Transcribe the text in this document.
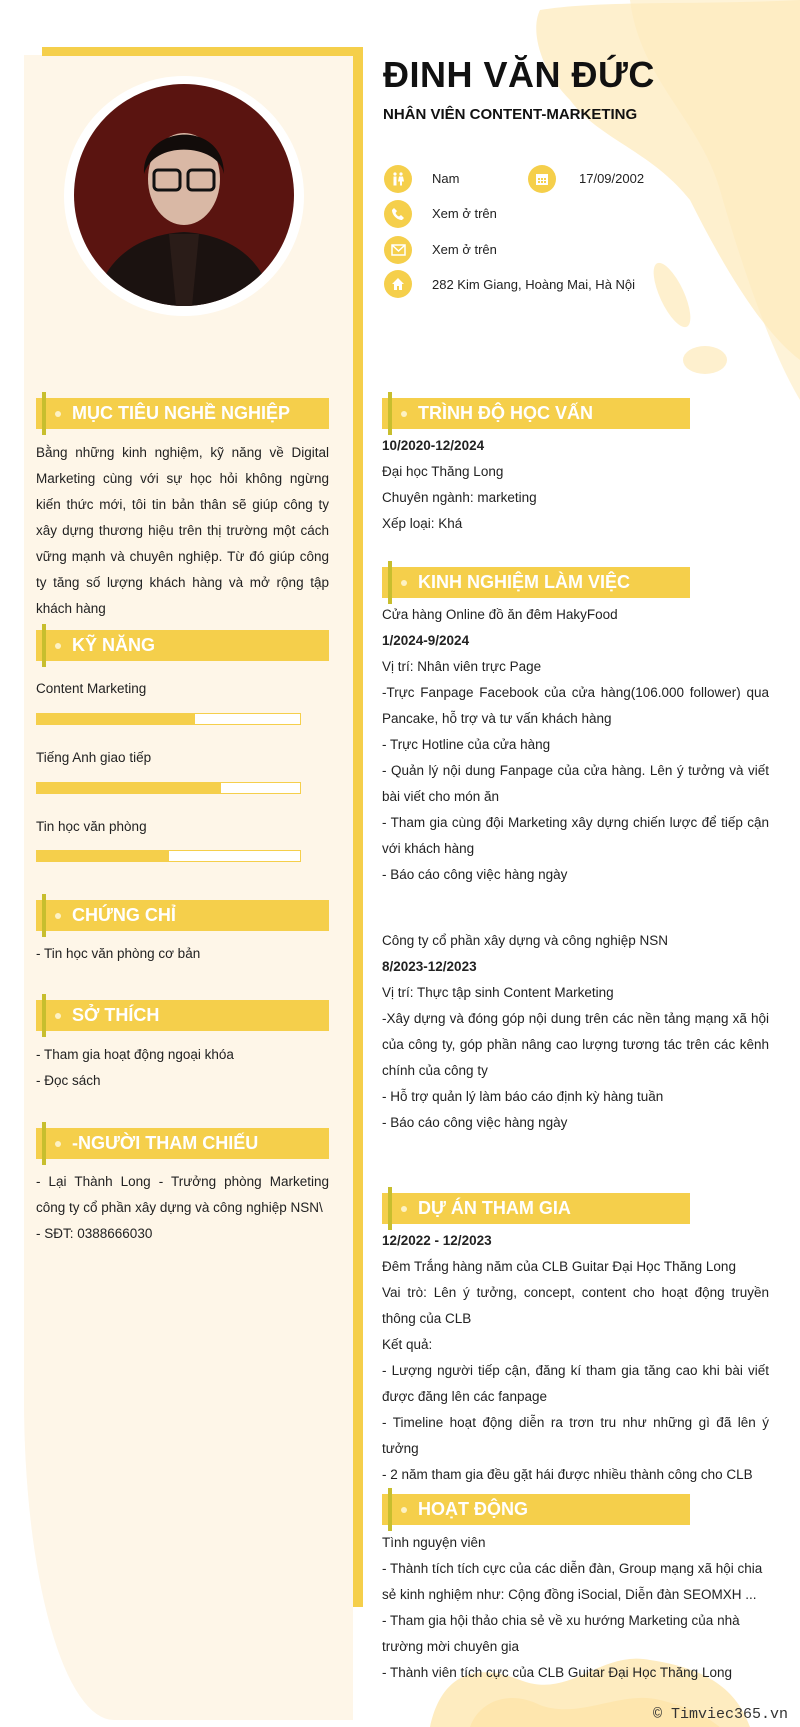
ĐINH VĂN ĐỨC
NHÂN VIÊN CONTENT-MARKETING
Nam	17/09/2002
Xem ở trên
Xem ở trên
282 Kim Giang, Hoàng Mai, Hà Nội
MỤC TIÊU NGHỀ NGHIỆP
Bằng những kinh nghiệm, kỹ năng về Digital Marketing cùng với sự học hỏi không ngừng kiến thức mới, tôi tin bản thân sẽ giúp công ty xây dựng thương hiệu trên thị trường một cách vững mạnh và chuyên nghiệp. Từ đó giúp công ty tăng số lượng khách hàng và mở rộng tập khách hàng
KỸ NĂNG
Content Marketing
Tiếng Anh giao tiếp
Tin học văn phòng
CHỨNG CHỈ
- Tin học văn phòng cơ bản
SỞ THÍCH
- Tham gia hoạt động ngoại khóa
- Đọc sách
-NGƯỜI THAM CHIẾU
- Lại Thành Long - Trưởng phòng Marketing công ty cổ phần xây dựng và công nghiệp NSN\
- SĐT: 0388666030
TRÌNH ĐỘ HỌC VẤN
10/2020-12/2024
Đại học Thăng Long
Chuyên ngành: marketing
Xếp loại: Khá
KINH NGHIỆM LÀM VIỆC
Cửa hàng Online đồ ăn đêm HakyFood
1/2024-9/2024
Vị trí: Nhân viên trực Page
-Trực Fanpage Facebook của cửa hàng(106.000 follower) qua Pancake, hỗ trợ và tư vấn khách hàng
- Trực Hotline của cửa hàng
- Quản lý nội dung Fanpage của cửa hàng. Lên ý tưởng và viết bài viết cho món ăn
- Tham gia cùng đội Marketing xây dựng chiến lược để tiếp cận với khách hàng
- Báo cáo công việc hàng ngày
Công ty cổ phần xây dựng và công nghiệp NSN
8/2023-12/2023
Vị trí: Thực tập sinh Content Marketing
-Xây dựng và đóng góp nội dung trên các nền tảng mạng xã hội của công ty, góp phần nâng cao lượng tương tác trên các kênh chính của công ty
- Hỗ trợ quản lý làm báo cáo định kỳ hàng tuần
- Báo cáo công việc hàng ngày
DỰ ÁN THAM GIA
12/2022 - 12/2023
Đêm Trắng hàng năm của CLB Guitar Đại Học Thăng Long
Vai trò: Lên ý tưởng, concept, content cho hoạt động truyền thông của CLB
Kết quả:
- Lượng người tiếp cận, đăng kí tham gia tăng cao khi bài viết được đăng lên các fanpage
- Timeline hoạt động diễn ra trơn tru như những gì đã lên ý tưởng
- 2 năm tham gia đều gặt hái được nhiều thành công cho CLB
HOẠT ĐỘNG
Tình nguyện viên
- Thành tích tích cực của các diễn đàn, Group mạng xã hội chia sẻ kinh nghiệm như: Cộng đồng iSocial, Diễn đàn SEOMXH ...
- Tham gia hội thảo chia sẻ về xu hướng Marketing của nhà trường mời chuyên gia
- Thành viên tích cực của CLB Guitar Đại Học Thăng Long
© Timviec365.vn
